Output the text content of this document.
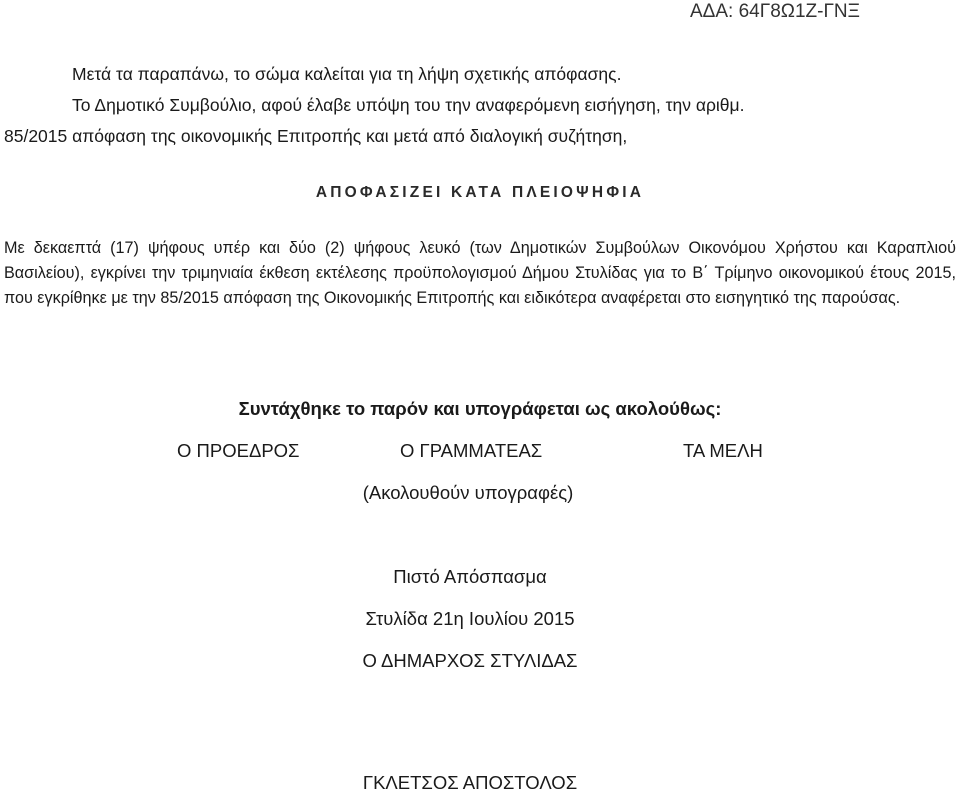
ΑΔΑ: 64Γ8Ω1Ζ-ΓΝΞ
Μετά τα παραπάνω, το σώμα καλείται για τη λήψη σχετικής απόφασης.
Το Δημοτικό Συμβούλιο, αφού έλαβε υπόψη του την αναφερόμενη εισήγηση, την αριθμ.
85/2015 απόφαση της οικονομικής Επιτροπής και μετά από διαλογική συζήτηση,
ΑΠΟΦΑΣΙΖΕΙ ΚΑΤΑ ΠΛΕΙΟΨΗΦΙΑ

Με δεκαεπτά (17) ψήφους υπέρ και δύο (2) ψήφους λευκό (των Δημοτικών Συμβούλων Οικονόμου Χρήστου και Καραπλιού Βασιλείου), εγκρίνει την τριμηνιαία έκθεση εκτέλεσης προϋπολογισμού Δήμου Στυλίδας για το Β΄ Τρίμηνο οικονομικού έτους 2015, που εγκρίθηκε με την 85/2015 απόφαση της Οικονομικής Επιτροπής και ειδικότερα αναφέρεται στο εισηγητικό της παρούσας.

Συντάχθηκε το παρόν και υπογράφεται ως ακολούθως:
Ο ΠΡΟΕΔΡΟΣ	Ο ΓΡΑΜΜΑΤΕΑΣ	ΤΑ ΜΕΛΗ
(Ακολουθούν υπογραφές)
Πιστό Απόσπασμα
Στυλίδα 21η Ιουλίου 2015
Ο ΔΗΜΑΡΧΟΣ ΣΤΥΛΙΔΑΣ
ΓΚΛΕΤΣΟΣ ΑΠΟΣΤΟΛΟΣ
